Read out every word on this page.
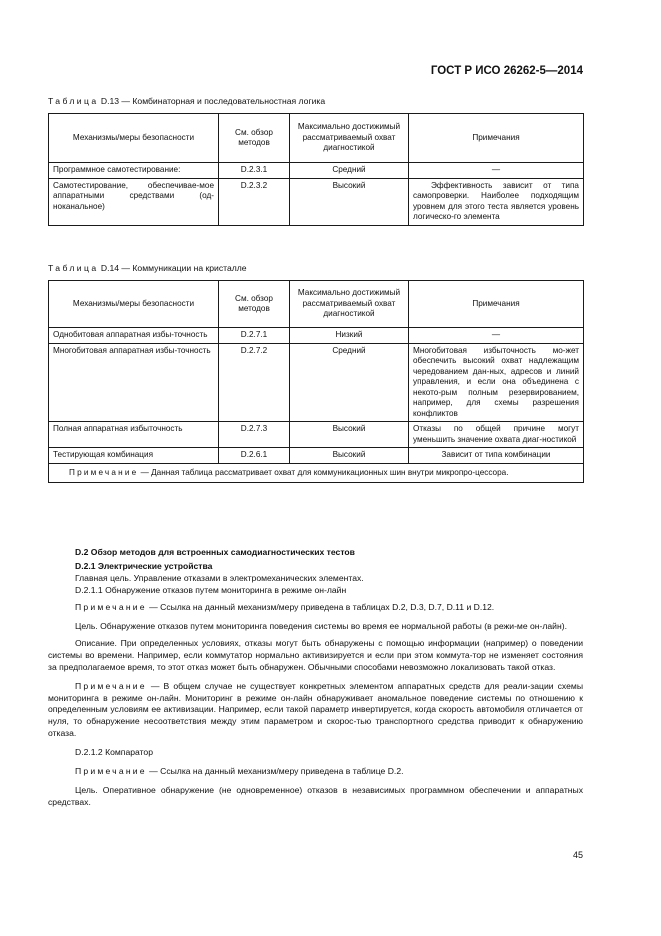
ГОСТ Р ИСО 26262-5—2014
Таблица D.13 — Комбинаторная и последовательностная логика
Механизмы/меры безопасности	См. обзор методов	Максимально достижимый рассматриваемый охват диагностикой	Примечания
Программное самотестирование:	D.2.3.1	Средний	—
Самотестирование, обеспечивае-мое аппаратными средствами (од-ноканальное)	D.2.3.2	Высокий	Эффективность зависит от типа самопроверки. Наиболее подходящим уровнем для этого теста является уровень логическо-го элемента
Таблица D.14 — Коммуникации на кристалле
Механизмы/меры безопасности	См. обзор методов	Максимально достижимый рассматриваемый охват диагностикой	Примечания
Однобитовая аппаратная избы-точность	D.2.7.1	Низкий	—
Многобитовая аппаратная избы-точность	D.2.7.2	Средний	Многобитовая избыточность мо-жет обеспечить высокий охват надлежащим чередованием дан-ных, адресов и линий управления, и если она объединена с некото-рым полным резервированием, например, для схемы разрешения конфликтов
Полная аппаратная избыточность	D.2.7.3	Высокий	Отказы по общей причине могут уменьшить значение охвата диаг-ностикой
Тестирующая комбинация	D.2.6.1	Высокий	Зависит от типа комбинации
Примечание — Данная таблица рассматривает охват для коммуникационных шин внутри микропро-цессора.			
D.2 Обзор методов для встроенных самодиагностических тестов
D.2.1 Электрические устройства
Главная цель. Управление отказами в электромеханических элементах.
D.2.1.1 Обнаружение отказов путем мониторинга в режиме он-лайн
Примечание — Ссылка на данный механизм/меру приведена в таблицах D.2, D.3, D.7, D.11 и D.12.
Цель. Обнаружение отказов путем мониторинга поведения системы во время ее нормальной работы (в режи-ме он-лайн).
Описание. При определенных условиях, отказы могут быть обнаружены с помощью информации (например) о поведении системы во времени. Например, если коммутатор нормально активизируется и если при этом коммута-тор не изменяет состояния за предполагаемое время, то этот отказ может быть обнаружен. Обычными способами невозможно локализовать такой отказ.
Примечание — В общем случае не существует конкретных элементом аппаратных средств для реали-зации схемы мониторинга в режиме он-лайн. Мониторинг в режиме он-лайн обнаруживает аномальное поведение системы по отношению к определенным условиям ее активизации. Например, если такой параметр инвертируется, когда скорость автомобиля отличается от нуля, то обнаружение несоответствия между этим параметром и скорос-тью транспортного средства приводит к обнаружению отказа.
D.2.1.2 Компаратор
Примечание — Ссылка на данный механизм/меру приведена в таблице D.2.
Цель. Оперативное обнаружение (не одновременное) отказов в независимых программном обеспечении и аппаратных средствах.
45
